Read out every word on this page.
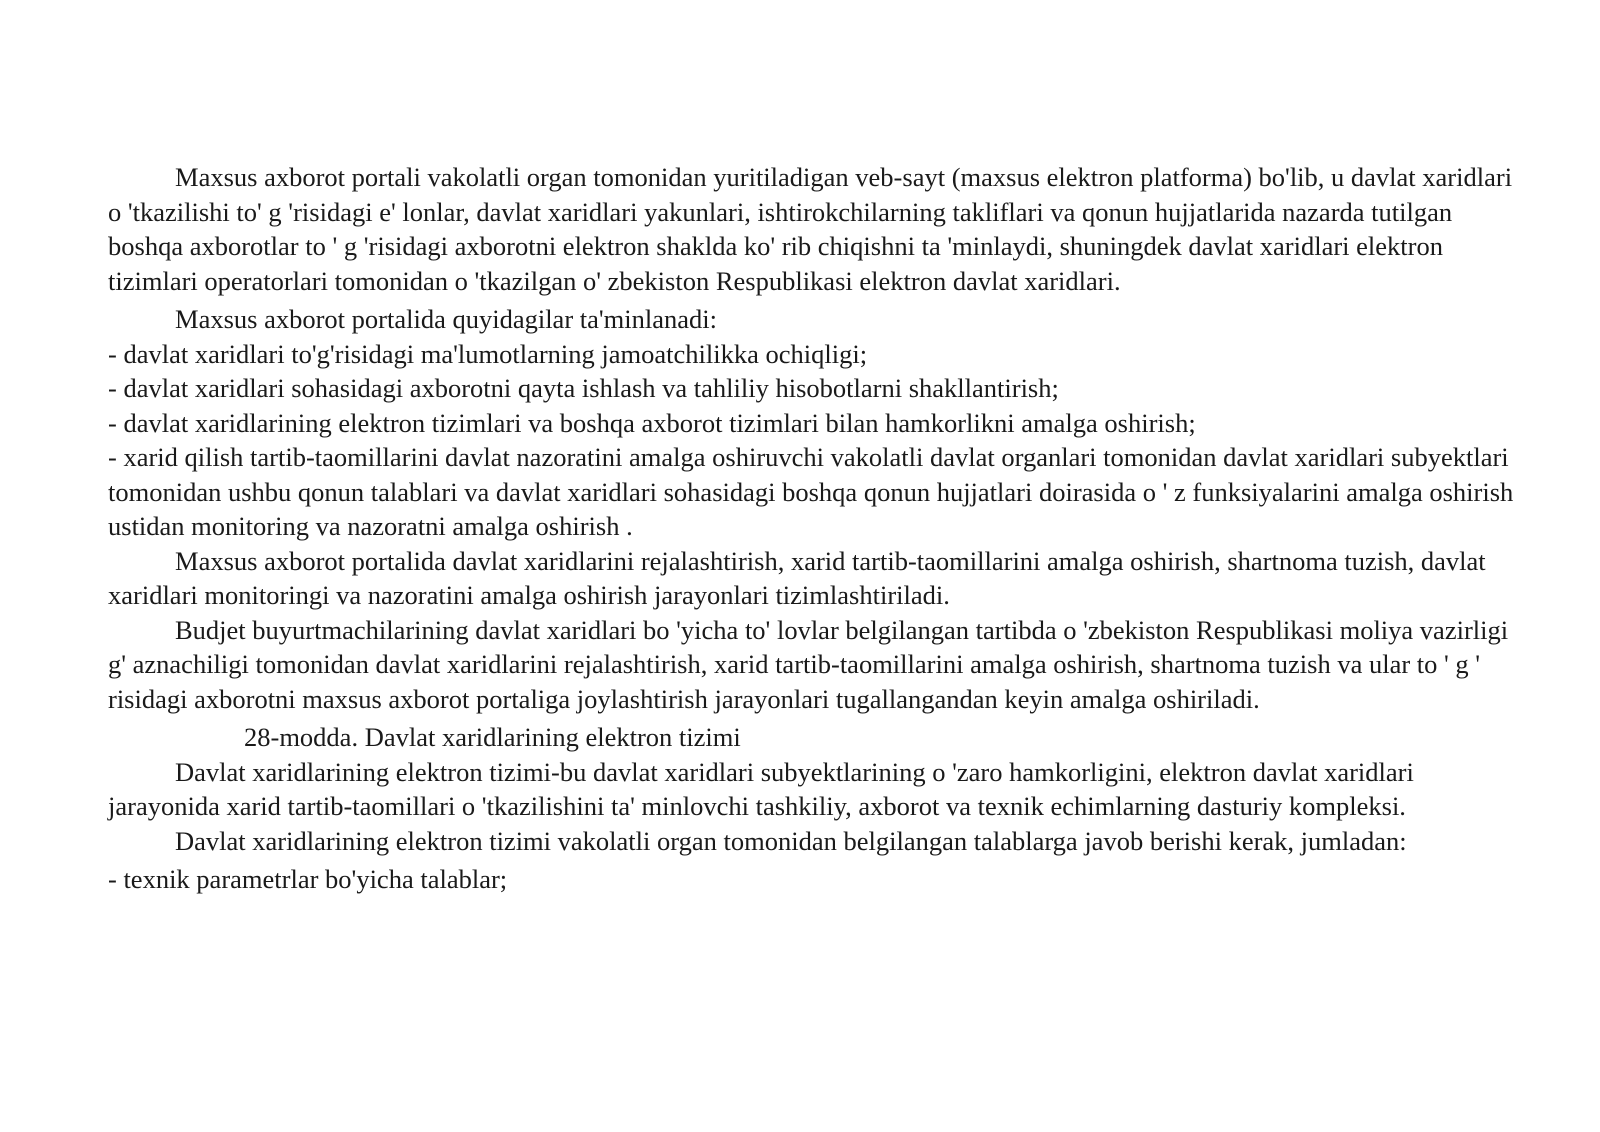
Maxsus axborot portali vakolatli organ tomonidan yuritiladigan veb-sayt (maxsus elektron platforma) bo'lib, u davlat xaridlari o 'tkazilishi to' g 'risidagi e' lonlar, davlat xaridlari yakunlari, ishtirokchilarning takliflari va qonun hujjatlarida nazarda tutilgan boshqa axborotlar to ' g 'risidagi axborotni elektron shaklda ko' rib chiqishni ta 'minlaydi, shuningdek davlat xaridlari elektron tizimlari operatorlari tomonidan o 'tkazilgan o' zbekiston Respublikasi elektron davlat xaridlari.

Maxsus axborot portalida quyidagilar ta'minlanadi:

- davlat xaridlari to'g'risidagi ma'lumotlarning jamoatchilikka ochiqligi;
- davlat xaridlari sohasidagi axborotni qayta ishlash va tahliliy hisobotlarni shakllantirish;
- davlat xaridlarining elektron tizimlari va boshqa axborot tizimlari bilan hamkorlikni amalga oshirish;
- xarid qilish tartib-taomillarini davlat nazoratini amalga oshiruvchi vakolatli davlat organlari tomonidan davlat xaridlari subyektlari tomonidan ushbu qonun talablari va davlat xaridlari sohasidagi boshqa qonun hujjatlari doirasida o ' z funksiyalarini amalga oshirish ustidan monitoring va nazoratni amalga oshirish .

Maxsus axborot portalida davlat xaridlarini rejalashtirish, xarid tartib-taomillarini amalga oshirish, shartnoma tuzish, davlat xaridlari monitoringi va nazoratini amalga oshirish jarayonlari tizimlashtiriladi.

Budjet buyurtmachilarining davlat xaridlari bo 'yicha to' lovlar belgilangan tartibda o 'zbekiston Respublikasi moliya vazirligi g' aznachiligi tomonidan davlat xaridlarini rejalashtirish, xarid tartib-taomillarini amalga oshirish, shartnoma tuzish va ular to ' g ' risidagi axborotni maxsus axborot portaliga joylashtirish jarayonlari tugallangandan keyin amalga oshiriladi.

28-modda. Davlat xaridlarining elektron tizimi

Davlat xaridlarining elektron tizimi-bu davlat xaridlari subyektlarining o 'zaro hamkorligini, elektron davlat xaridlari jarayonida xarid tartib-taomillari o 'tkazilishini ta' minlovchi tashkiliy, axborot va texnik echimlarning dasturiy kompleksi.

Davlat xaridlarining elektron tizimi vakolatli organ tomonidan belgilangan talablarga javob berishi kerak, jumladan:

- texnik parametrlar bo'yicha talablar;
